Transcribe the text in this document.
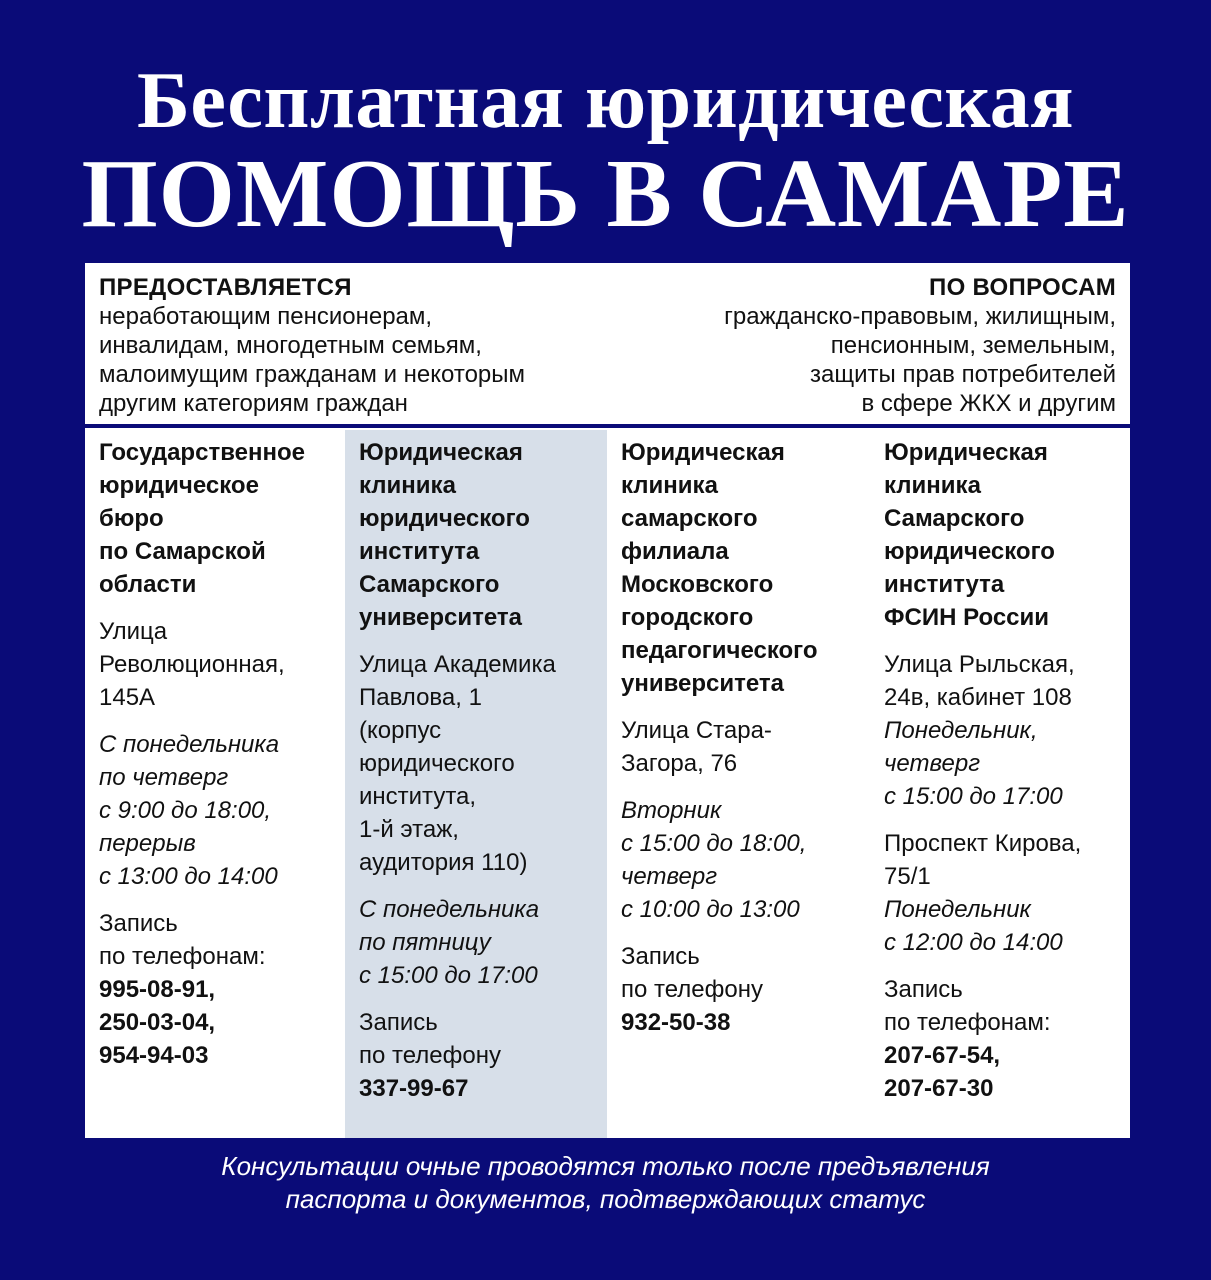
Бесплатная юридическая
ПОМОЩЬ В САМАРЕ
ПРЕДОСТАВЛЯЕТСЯ
неработающим пенсионерам,
инвалидам, многодетным семьям,
малоимущим гражданам и некоторым
другим категориям граждан
ПО ВОПРОСАМ
гражданско-правовым, жилищным,
пенсионным, земельным,
защиты прав потребителей
в сфере ЖКХ и другим
Государственное
юридическое
бюро
по Самарской
области
Улица
Революционная,
145А
С понедельника
по четверг
с 9:00 до 18:00,
перерыв
с 13:00 до 14:00
Запись
по телефонам:
995-08-91,
250-03-04,
954-94-03
Юридическая
клиника
юридического
института
Самарского
университета
Улица Академика
Павлова, 1
(корпус
юридического
института,
1-й этаж,
аудитория 110)
С понедельника
по пятницу
с 15:00 до 17:00
Запись
по телефону
337-99-67
Юридическая
клиника
самарского
филиала
Московского
городского
педагогического
университета
Улица Стара-
Загора, 76
Вторник
с 15:00 до 18:00,
четверг
с 10:00 до 13:00
Запись
по телефону
932-50-38
Юридическая
клиника
Самарского
юридического
института
ФСИН России
Улица Рыльская,
24в, кабинет 108
Понедельник,
четверг
с 15:00 до 17:00
Проспект Кирова,
75/1
Понедельник
с 12:00 до 14:00
Запись
по телефонам:
207-67-54,
207-67-30
Консультации очные проводятся только после предъявления
паспорта и документов, подтверждающих статус
